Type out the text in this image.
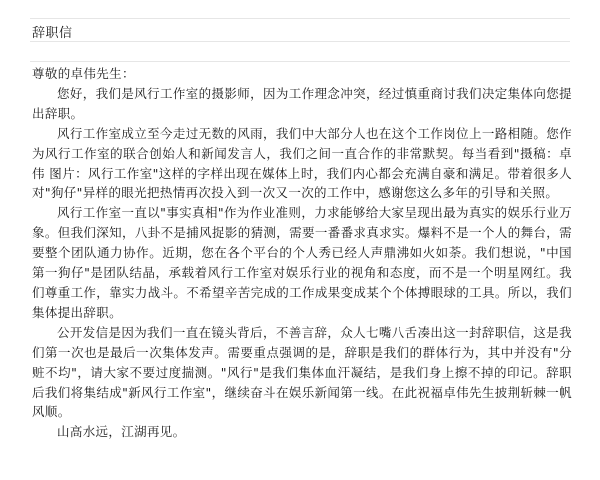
辞职信

尊敬的卓伟先生：

您好，我们是风行工作室的摄影师，因为工作理念冲突，经过慎重商讨我们决定集体向您提出辞职。

风行工作室成立至今走过无数的风雨，我们中大部分人也在这个工作岗位上一路相随。您作为风行工作室的联合创始人和新闻发言人，我们之间一直合作的非常默契。每当看到"摄稿：卓伟 图片：风行工作室"这样的字样出现在媒体上时，我们内心都会充满自豪和满足。带着很多人对"狗仔"异样的眼光把热情再次投入到一次又一次的工作中，感谢您这么多年的引导和关照。

风行工作室一直以"事实真相"作为作业准则，力求能够给大家呈现出最为真实的娱乐行业万象。但我们深知，八卦不是捕风捉影的猜测，需要一番番求真求实。爆料不是一个人的舞台，需要整个团队通力协作。近期，您在各个平台的个人秀已经人声鼎沸如火如荼。我们想说，"中国第一狗仔"是团队结晶，承载着风行工作室对娱乐行业的视角和态度，而不是一个明星网红。我们尊重工作，靠实力战斗。不希望辛苦完成的工作成果变成某个个体搏眼球的工具。所以，我们集体提出辞职。

公开发信是因为我们一直在镜头背后，不善言辞，众人七嘴八舌凑出这一封辞职信，这是我们第一次也是最后一次集体发声。需要重点强调的是，辞职是我们的群体行为，其中并没有"分赃不均"，请大家不要过度揣测。"风行"是我们集体血汗凝结，是我们身上擦不掉的印记。辞职后我们将集结成"新风行工作室"，继续奋斗在娱乐新闻第一线。在此祝福卓伟先生披荆斩棘一帆风顺。

山高水远，江湖再见。
